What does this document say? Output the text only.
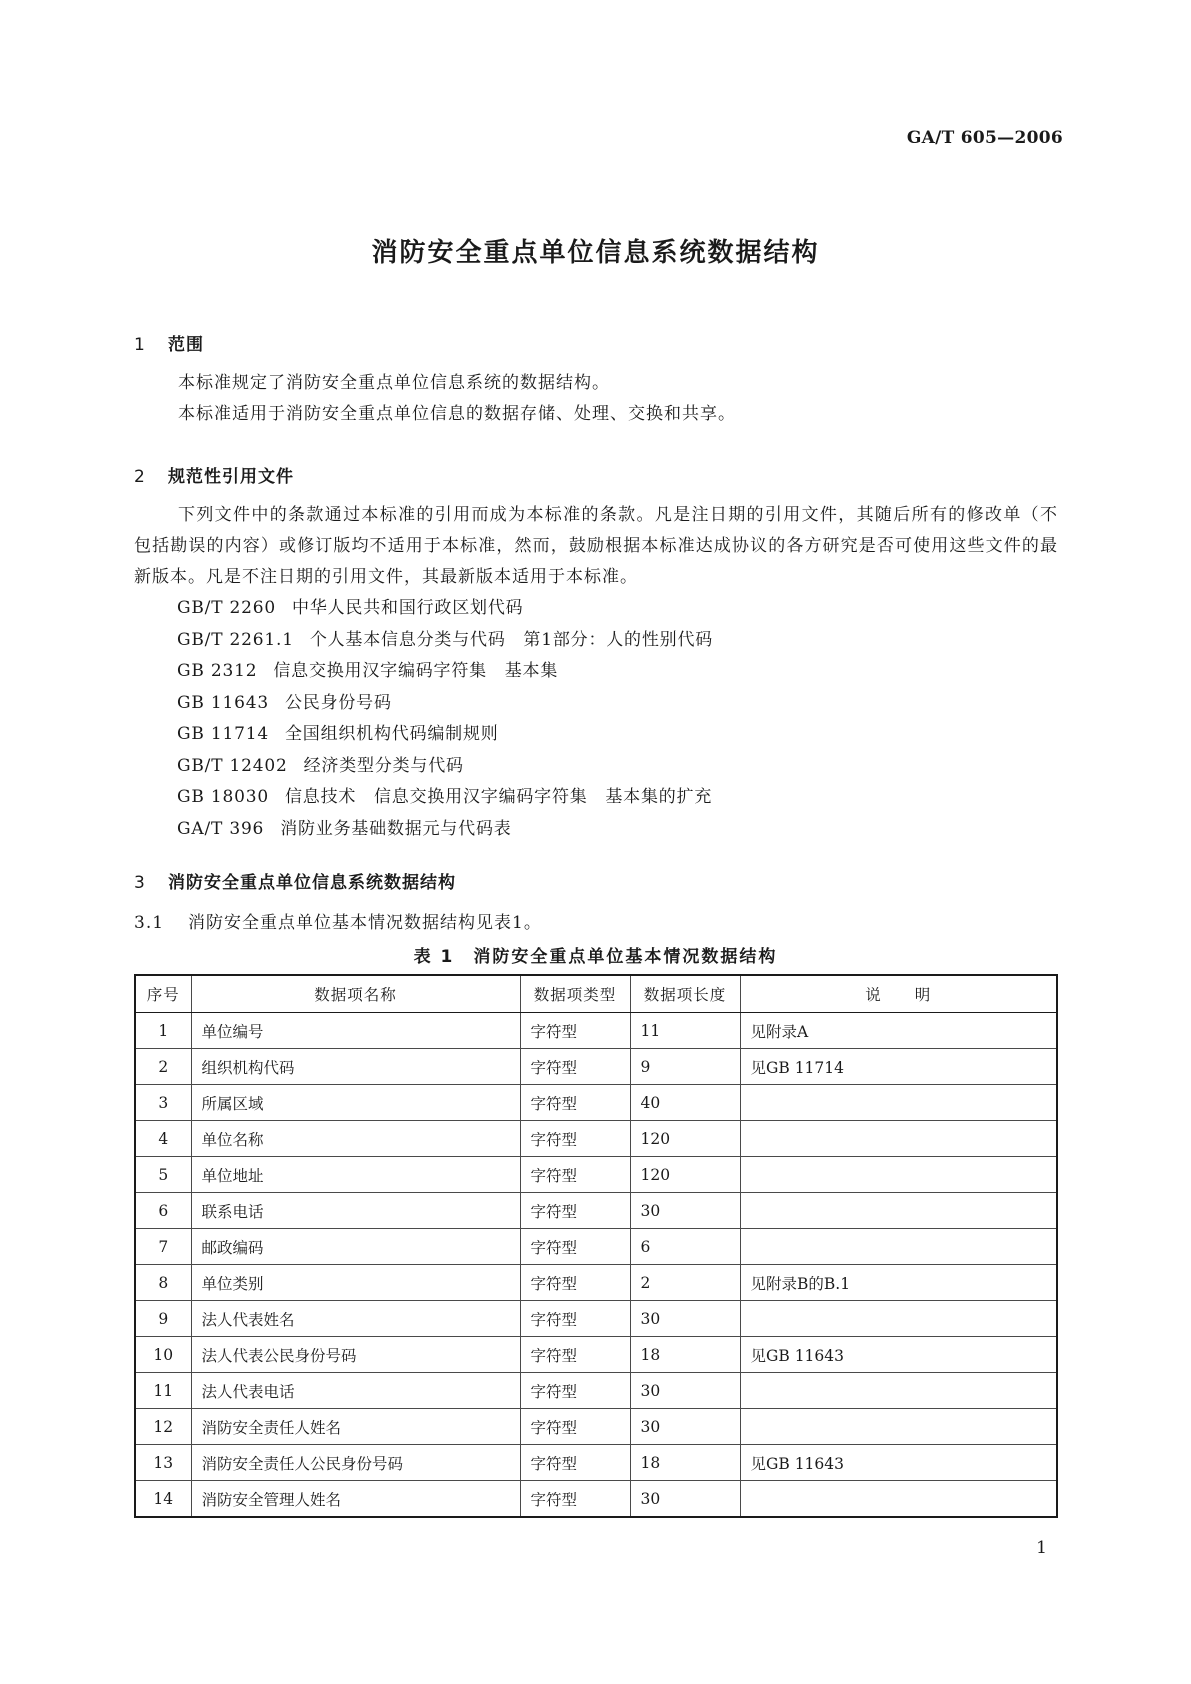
GA/T 605—2006
消防安全重点单位信息系统数据结构
1 范围
本标准规定了消防安全重点单位信息系统的数据结构。
本标准适用于消防安全重点单位信息的数据存储、处理、交换和共享。
2 规范性引用文件
下列文件中的条款通过本标准的引用而成为本标准的条款。凡是注日期的引用文件，其随后所有的修改单（不包括勘误的内容）或修订版均不适用于本标准，然而，鼓励根据本标准达成协议的各方研究是否可使用这些文件的最新版本。凡是不注日期的引用文件，其最新版本适用于本标准。
GB/T 2260 中华人民共和国行政区划代码
GB/T 2261.1 个人基本信息分类与代码　第1部分：人的性别代码
GB 2312 信息交换用汉字编码字符集　基本集
GB 11643 公民身份号码
GB 11714 全国组织机构代码编制规则
GB/T 12402 经济类型分类与代码
GB 18030 信息技术　信息交换用汉字编码字符集　基本集的扩充
GA/T 396 消防业务基础数据元与代码表
3 消防安全重点单位信息系统数据结构
3.1 消防安全重点单位基本情况数据结构见表1。
表 1　消防安全重点单位基本情况数据结构
序号	数据项名称	数据项类型	数据项长度	说　　明
1	单位编号	字符型	11	见附录A
2	组织机构代码	字符型	9	见GB 11714
3	所属区域	字符型	40	
4	单位名称	字符型	120	
5	单位地址	字符型	120	
6	联系电话	字符型	30	
7	邮政编码	字符型	6	
8	单位类别	字符型	2	见附录B的B.1
9	法人代表姓名	字符型	30	
10	法人代表公民身份号码	字符型	18	见GB 11643
11	法人代表电话	字符型	30	
12	消防安全责任人姓名	字符型	30	
13	消防安全责任人公民身份号码	字符型	18	见GB 11643
14	消防安全管理人姓名	字符型	30	
1
